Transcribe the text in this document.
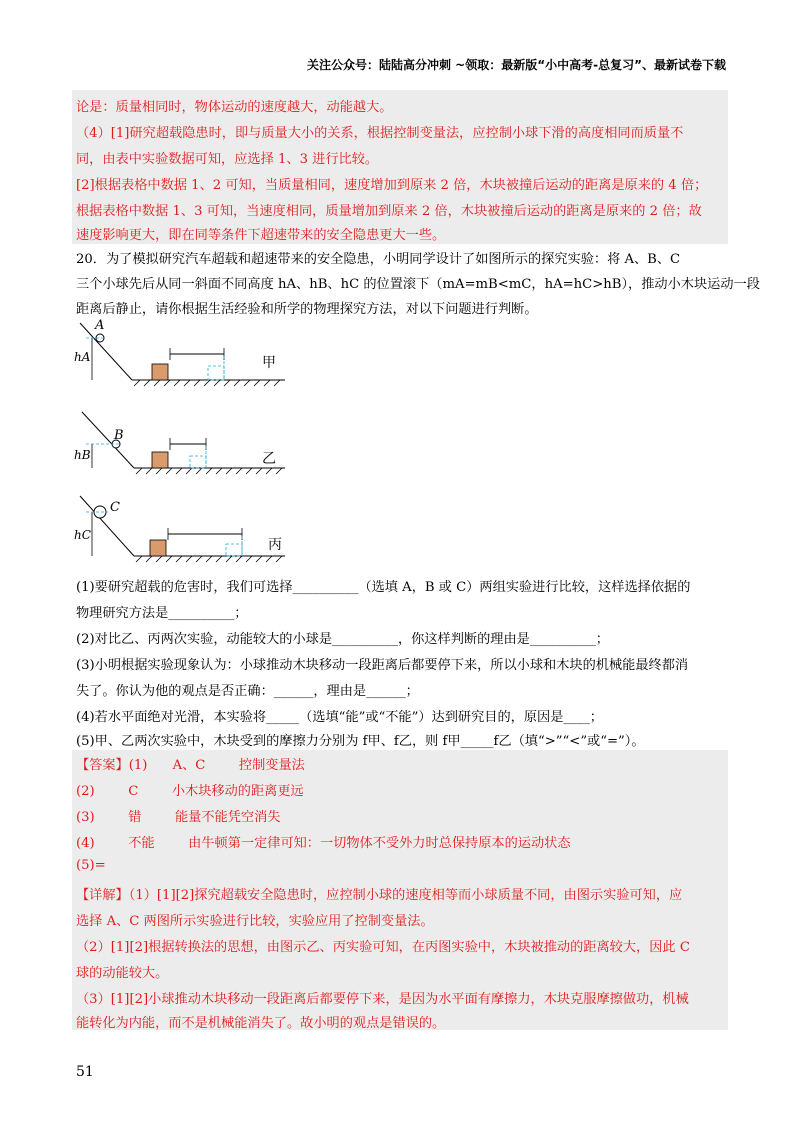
关注公众号：陆陆高分冲刺 ~领取：最新版“小中高考-总复习”、最新试卷下载
论是：质量相同时，物体运动的速度越大，动能越大。
（4）[1]研究超载隐患时，即与质量大小的关系，根据控制变量法，应控制小球下滑的高度相同而质量不
同，由表中实验数据可知，应选择 1、3 进行比较。
[2]根据表格中数据 1、2 可知，当质量相同，速度增加到原来 2 倍，木块被撞后运动的距离是原来的 4 倍；
根据表格中数据 1、3 可知，当速度相同，质量增加到原来 2 倍，木块被撞后运动的距离是原来的 2 倍；故
速度影响更大，即在同等条件下超速带来的安全隐患更大一些。
20．为了模拟研究汽车超载和超速带来的安全隐患，小明同学设计了如图所示的探究实验：将 A、B、C
三个小球先后从同一斜面不同高度 hA、hB、hC 的位置滚下（mA=mB<mC，hA=hC>hB），推动小木块运动一段
距离后静止，请你根据生活经验和所学的物理探究方法，对以下问题进行判断。
A
hA	甲
B
hB	乙
C
hC
丙
(1)要研究超载的危害时，我们可选择__________（选填 A，B 或 C）两组实验进行比较，这样选择依据的
物理研究方法是__________；
(2)对比乙、丙两次实验，动能较大的小球是__________，你这样判断的理由是__________；
(3)小明根据实验现象认为：小球推动木块移动一段距离后都要停下来，所以小球和木块的机械能最终都消
失了。你认为他的观点是否正确：______，理由是______；
(4)若水平面绝对光滑，本实验将_____（选填“能”或“不能”）达到研究目的，原因是____；
(5)甲、乙两次实验中，木块受到的摩擦力分别为 f甲、f乙，则 f甲_____f乙（填“>”“<”或“=”）。
【答案】(1)      A、C        控制变量法
(2)        C        小木块移动的距离更远
(3)        错        能量不能凭空消失
(4)        不能        由牛顿第一定律可知：一切物体不受外力时总保持原本的运动状态
(5)=
【详解】（1）[1][2]探究超载安全隐患时，应控制小球的速度相等而小球质量不同，由图示实验可知，应
选择 A、C 两图所示实验进行比较，实验应用了控制变量法。
（2）[1][2]根据转换法的思想，由图示乙、丙实验可知，在丙图实验中，木块被推动的距离较大，因此 C
球的动能较大。
（3）[1][2]小球推动木块移动一段距离后都要停下来，是因为水平面有摩擦力，木块克服摩擦做功，机械
能转化为内能，而不是机械能消失了。故小明的观点是错误的。
51
